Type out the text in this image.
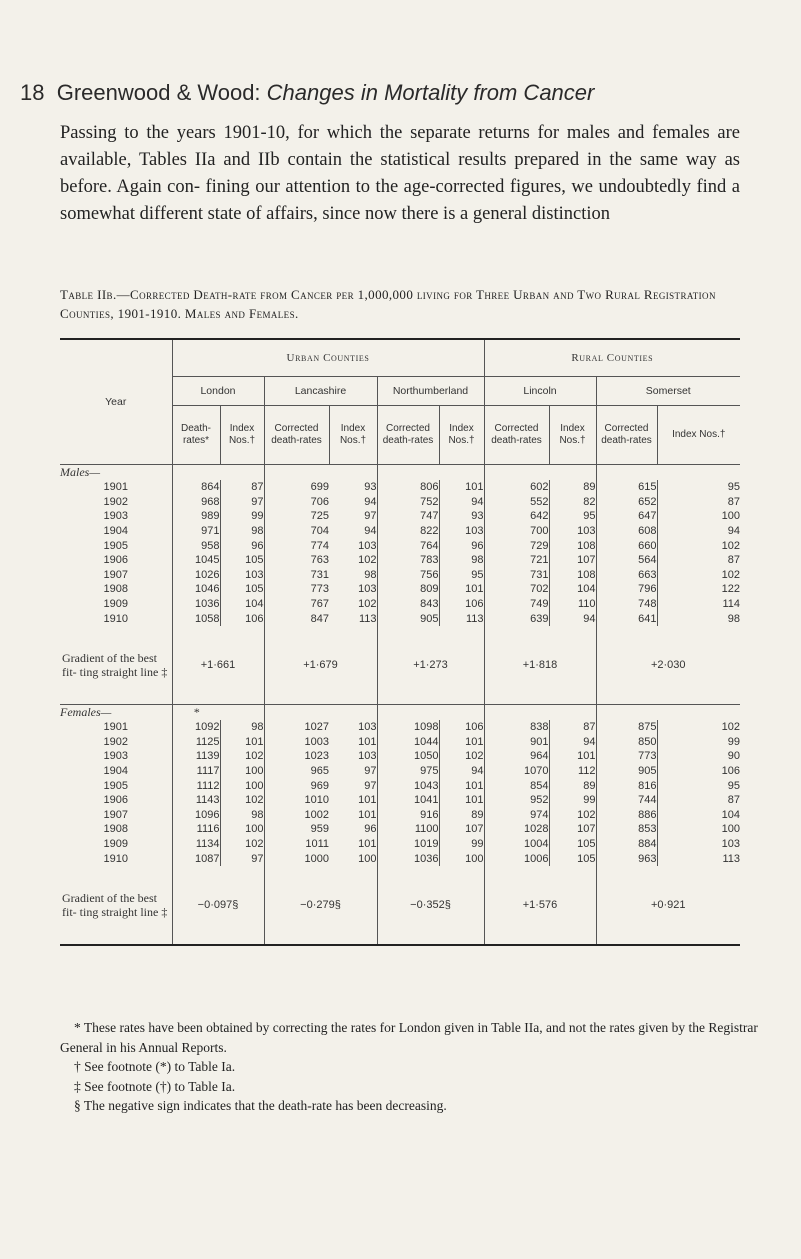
18 Greenwood & Wood: Changes in Mortality from Cancer
Passing to the years 1901-10, for which the separate returns for males and females are available, Tables IIa and IIb contain the statistical results prepared in the same way as before. Again con- fining our attention to the age-corrected figures, we undoubtedly find a somewhat different state of affairs, since now there is a general distinction
Table IIb.—Corrected Death-rate from Cancer per 1,000,000 living for Three Urban and Two Rural Registration Counties, 1901-1910. Males and Females.
Year	Urban Counties						Rural Counties			
	London		Lancashire		Northumberland		Lincoln		Somerset	
	Death-rates*	Index Nos.†	Corrected death-rates	Index Nos.†	Corrected death-rates	Index Nos.†	Corrected death-rates	Index Nos.†	Corrected death-rates	Index Nos.†
Males—										
1901	864	87	699	93	806	101	602	89	615	95
1902	968	97	706	94	752	94	552	82	652	87
1903	989	99	725	97	747	93	642	95	647	100
1904	971	98	704	94	822	103	700	103	608	94
1905	958	96	774	103	764	96	729	108	660	102
1906	1045	105	763	102	783	98	721	107	564	87
1907	1026	103	731	98	756	95	731	108	663	102
1908	1046	105	773	103	809	101	702	104	796	122
1909	1036	104	767	102	843	106	749	110	748	114
1910	1058	106	847	113	905	113	639	94	641	98
Gradient of the best fit- ting straight line ‡	+1·661		+1·679		+1·273		+1·818		+2·030	
Females—	*									
1901	1092	98	1027	103	1098	106	838	87	875	102
1902	1125	101	1003	101	1044	101	901	94	850	99
1903	1139	102	1023	103	1050	102	964	101	773	90
1904	1117	100	965	97	975	94	1070	112	905	106
1905	1112	100	969	97	1043	101	854	89	816	95
1906	1143	102	1010	101	1041	101	952	99	744	87
1907	1096	98	1002	101	916	89	974	102	886	104
1908	1116	100	959	96	1100	107	1028	107	853	100
1909	1134	102	1011	101	1019	99	1004	105	884	103
1910	1087	97	1000	100	1036	100	1006	105	963	113
Gradient of the best fit- ting straight line ‡	−0·097§		−0·279§		−0·352§		+1·576		+0·921	

* These rates have been obtained by correcting the rates for London given in Table IIa, and not the rates given by the Registrar General in his Annual Reports.

† See footnote (*) to Table Ia.

‡ See footnote (†) to Table Ia.

§ The negative sign indicates that the death-rate has been decreasing.
